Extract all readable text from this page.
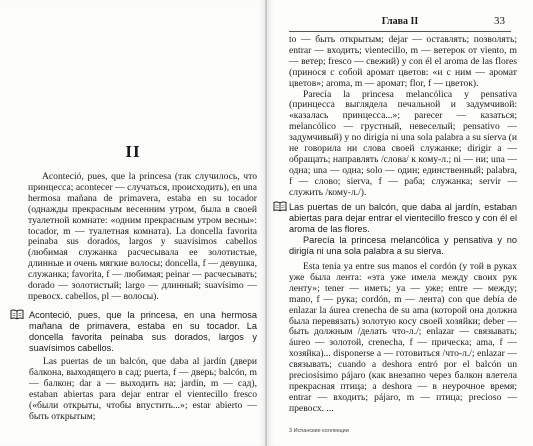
II

Aconteció, pues, que la princesa (так случилось, что принцесса; acontecer — случаться, происходить), en una hermosa mañana de primavera, estaba en su tocador (однажды прекрасным весенним утром, была в своей туалетной комнате: «одним прекрасным утром весны»: tocador, m — туалетная комната). La doncella favorita peinaba sus dorados, largos y suavísimos cabellos (любимая служанка расчесывала ее золотистые, длинные и очень мягкие волосы; doncella, f — девушка, служанка; favorita, f — любимая; peinar — расчесывать; dorado — золотистый; largo — длинный; suavísimo — превосх. cabellos, pl — волосы).

Aconteció, pues, que la princesa, en una hermosa mañana de primavera, estaba en su tocador. La doncella favorita peinaba sus dorados, largos y suavísimos cabellos.

Las puertas de un balcón, que daba al jardín (двери балкона, выходящего в сад; puerta, f — дверь; balcón, m — балкон; dar a — выходить на; jardín, m — сад), estaban abiertas para dejar entrar el vientecillo fresco («были открыты, чтобы впустить...»; estar abierto — быть открытым;

Глава II	33

to — быть открытым; dejar — оставлять; позволять; entrar — входить; vientecillo, m — ветерок от viento, m — ветер; fresco — свежий) y con él el aroma de las flores (принося с собой аромат цветов: «и с ним — аромат цветов»; aroma, m — аромат; flor, f — цветок).

Parecía la princesa melancólica y pensativa (принцесса выглядела печальной и задумчивой: «казалась принцесса...»; parecer — казаться; melancólico — грустный, невеселый; pensativo — задумчивый) y no dirigía ni una sola palabra a su sierva (и не говорила ни слова своей служанке; dirigir a — обращать; направлять /слова/ к кому-л.; ni — ни; una — одна; una — одна; solo — один; единственный; palabra, f — слово; sierva, f — раба; служанка; servir — служить /кому-л./).

Las puertas de un balcón, que daba al jardín, estaban abiertas para dejar entrar el vientecillo fresco y con él el aroma de las flores.

Parecía la princesa melancólica y pensativa y no dirigía ni una sola palabra a su sierva.

Esta tenía ya entre sus manos el cordón (у той в руках уже была лента: «эта уже имела между своих рук ленту»; tener — иметь; ya — уже; entre — между; mano, f — рука; cordón, m — лента) con que debía de enlazar la áurea crenecha de su ama (которой она должна была перевязать) золотую косу своей хозяйки; deber — быть должным /делать что-л./; enlazar — связывать; áureo — золотой, crenecha, f — прическа; ama, f — хозяйка)... disponerse a — готовиться /что-л./; enlazar — связывать; cuando a deshora entró por el balcón un preciosísimo pájaro (как внезапно через балкон влетела прекрасная птица; a deshora — в неурочное время; entrar — входить; pájaro, m — птица; precioso — превосх. ...

3 Испанские коллекции
